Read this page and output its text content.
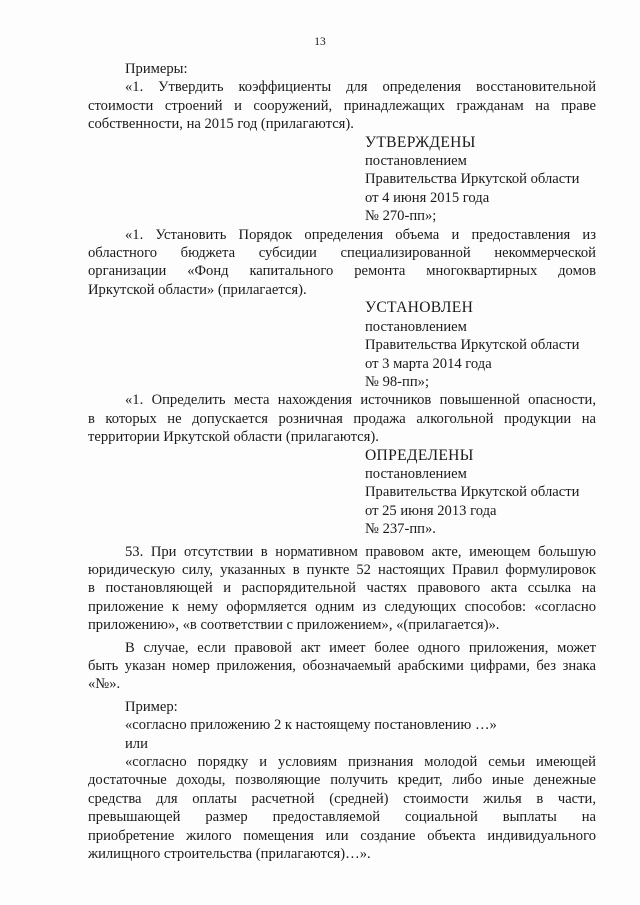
13

Примеры:

«1. Утвердить коэффициенты для определения восстановительной

стоимости строений и сооружений, принадлежащих гражданам на праве

собственности, на 2015 год (прилагаются).

УТВЕРЖДЕНЫ
постановлением
Правительства Иркутской области
от 4 июня 2015 года
№ 270-пп»;

«1. Установить Порядок определения объема и предоставления из

областного бюджета субсидии специализированной некоммерческой

организации «Фонд капитального ремонта многоквартирных домов

Иркутской области» (прилагается).

УСТАНОВЛЕН
постановлением
Правительства Иркутской области
от 3 марта 2014 года
№ 98-пп»;

«1. Определить места нахождения источников повышенной опасности,

в которых не допускается розничная продажа алкогольной продукции на

территории Иркутской области (прилагаются).

ОПРЕДЕЛЕНЫ
постановлением
Правительства Иркутской области
от 25 июня 2013 года
№ 237-пп».

53. При отсутствии в нормативном правовом акте, имеющем большую

юридическую силу, указанных в пункте 52 настоящих Правил формулировок

в постановляющей и распорядительной частях правового акта ссылка на

приложение к нему оформляется одним из следующих способов: «согласно

приложению», «в соответствии с приложением», «(прилагается)».

В случае, если правовой акт имеет более одного приложения, может

быть указан номер приложения, обозначаемый арабскими цифрами, без знака

«№».

Пример:

«согласно приложению 2 к настоящему постановлению …»

или

«согласно порядку и условиям признания молодой семьи имеющей

достаточные доходы, позволяющие получить кредит, либо иные денежные

средства для оплаты расчетной (средней) стоимости жилья в части,

превышающей размер предоставляемой социальной выплаты на

приобретение жилого помещения или создание объекта индивидуального

жилищного строительства (прилагаются)…».
